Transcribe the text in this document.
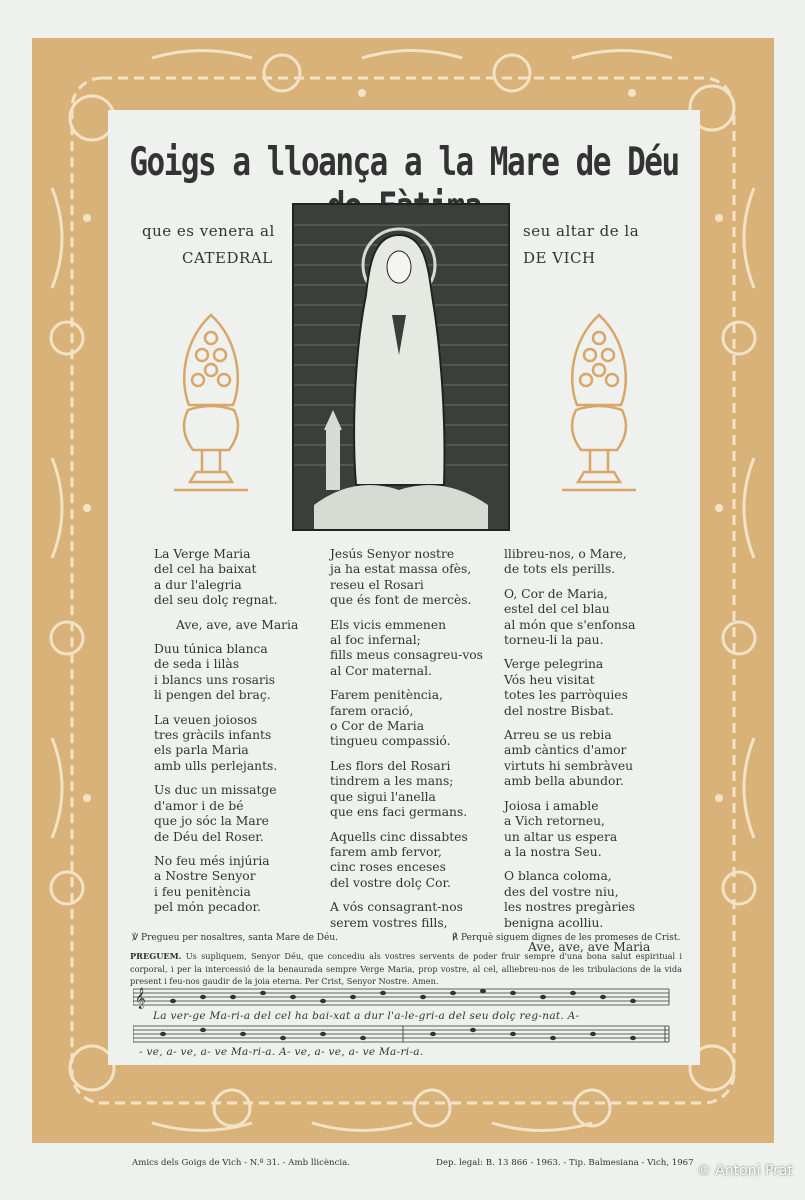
Goigs a lloança a la Mare de Déu
que es venera al
CATEDRAL
seu altar de la
DE VICH

La Verge Maria
del cel ha baixat
a dur l'alegria
del seu dolç regnat.

Ave, ave, ave Maria

Duu túnica blanca
de seda i lilàs
i blancs uns rosaris
li pengen del braç.

La veuen joiosos
tres gràcils infants
els parla Maria
amb ulls perlejants.

Us duc un missatge
d'amor i de bé
que jo sóc la Mare
de Déu del Roser.

No feu més injúria
a Nostre Senyor
i feu penitència
pel món pecador.

Jesús Senyor nostre
ja ha estat massa ofès,
reseu el Rosari
que és font de mercès.

Els vicis emmenen
al foc infernal;
fills meus consagreu-vos
al Cor maternal.

Farem penitència,
farem oració,
o Cor de Maria
tingueu compassió.

Les flors del Rosari
tindrem a les mans;
que sigui l'anella
que ens faci germans.

Aquells cinc dissabtes
farem amb fervor,
cinc roses enceses
del vostre dolç Cor.

A vós consagrant-nos
serem vostres fills,

llibreu-nos, o Mare,
de tots els perills.

O, Cor de Maria,
estel del cel blau
al món que s'enfonsa
torneu-li la pau.

Verge pelegrina
Vós heu visitat
totes les parròquies
del nostre Bisbat.

Arreu se us rebia
amb càntics d'amor
virtuts hi sembràveu
amb bella abundor.

Joiosa i amable
a Vich retorneu,
un altar us espera
a la nostra Seu.

O blanca coloma,
des del vostre niu,
les nostres pregàries
benigna acolliu.

Ave, ave, ave Maria
℣ Pregueu per nosaltres, santa Mare de Déu.	℟ Perquè siguem dignes de les promeses de Crist.
PREGUEM. Us supliquem, Senyor Déu, que concediu als vostres servents de poder fruir sempre d'una bona salut espiritual i corporal, i per la intercessió de la benaurada sempre Verge Maria, prop vostre, al cel, alliebreu-nos de les tribulacions de la vida present i feu-nos gaudir de la joia eterna. Per Crist, Senyor Nostre. Amen.
𝄞
La ver-ge Ma-ri-a del cel ha bai-xat a dur l'a-le-gri-a del seu dolç reg-nat. A-
- ve, a- ve, a- ve Ma-ri-a. A- ve, a- ve, a- ve Ma-ri-a.
Amics dels Goigs de Vich - N.º 31. - Amb llicència.	Dep. legal: B. 13 866 - 1963. - Tip. Balmesiana - Vich, 1967 © Antoni Prat
